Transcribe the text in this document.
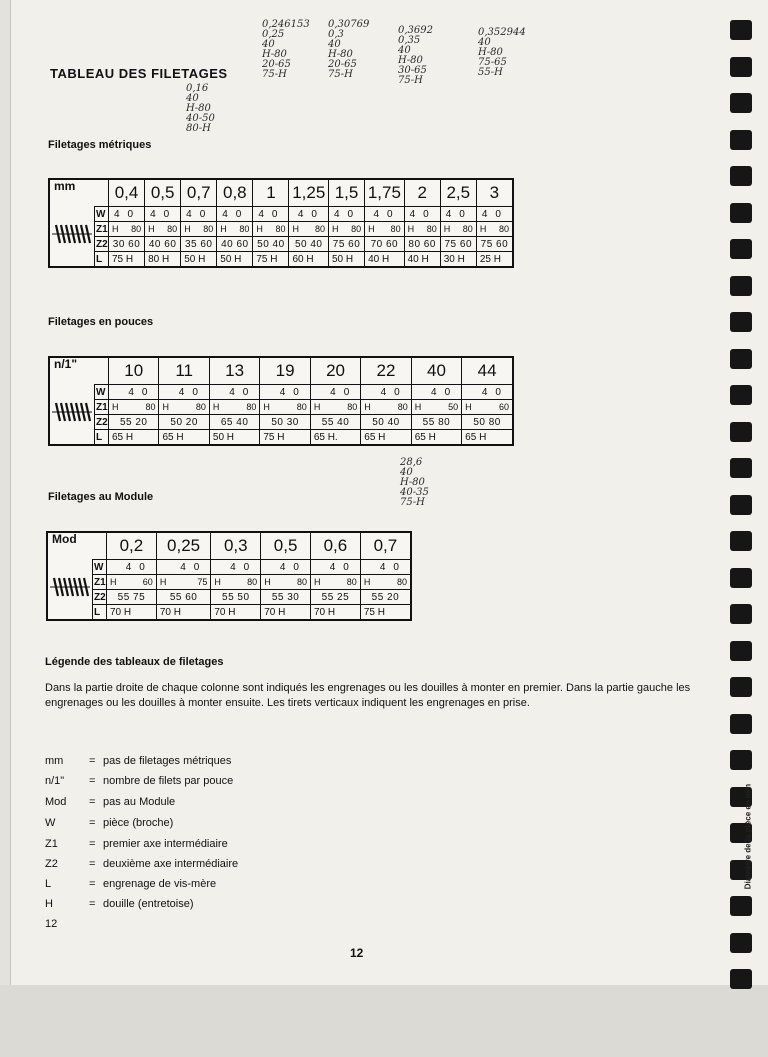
Diamètre de la pièce en mm
0,246153
0,25
40
H-80
20-65
75-H
0,30769
0,3
40
H-80
20-65
75-H
0,3692
0,35
40
H-80
30-65
75-H
0,352944
40
H-80
75-65
55-H
0,16
40
H-80
40-50
80-H
28,6
40
H-80
40-35
75-H
TABLEAU DES FILETAGES

Filetages métriques

mm		0,4	0,5	0,7	0,8	1	1,25	1,5	1,75	2	2,5	3
	W	40	40	40	40	40	40	40	40	40	40	40
	Z1	H 80	H 80	H 80	H 80	H 80	H 80	H 80	H 80	H 80	H 80	H 80

	Z2	30 60	40 60	35 60	40 60	50 40	50 40	75 60	70 60	80 60	75 60	75 60
	L	75 H	80 H	50 H	50 H	75 H	60 H	50 H	40 H	40 H	30 H	25 H

Filetages en pouces

n/1"		10	11	13	19	20	22	40	44
	W	40	40	40	40	40	40	40	40
	Z1	H 80	H 80	H 80	H 80	H 80	H 80	H 50	H 60

	Z2	55 20	50 20	65 40	50 30	55 40	50 40	55 80	50 80
	L	65 H	65 H	50 H	75 H	65 H.	65 H	65 H	65 H

Filetages au Module

Mod		0,2	0,25	0,3	0,5	0,6	0,7
	W	40	40	40	40	40	40
	Z1	H 60	H 75	H 80	H 80	H 80	H 80

	Z2	55 75	55 60	55 50	55 30	55 25	55 20
	L	70 H	70 H	70 H	70 H	70 H	75 H

Légende des tableaux de filetages

Dans la partie droite de chaque colonne sont indiqués les engrenages ou les douilles à monter en premier. Dans la partie gauche les engrenages ou les douilles à monter ensuite. Les tirets verticaux indiquent les engrenages en prise.

mm	= pas de filetages métriques
n/1"	= nombre de filets par pouce
Mod	= pas au Module
W	= pièce (broche)
Z1	= premier axe intermédiaire
Z2	= deuxième axe intermédiaire
L	= engrenage de vis-mère
H	= douille (entretoise)
12
12
